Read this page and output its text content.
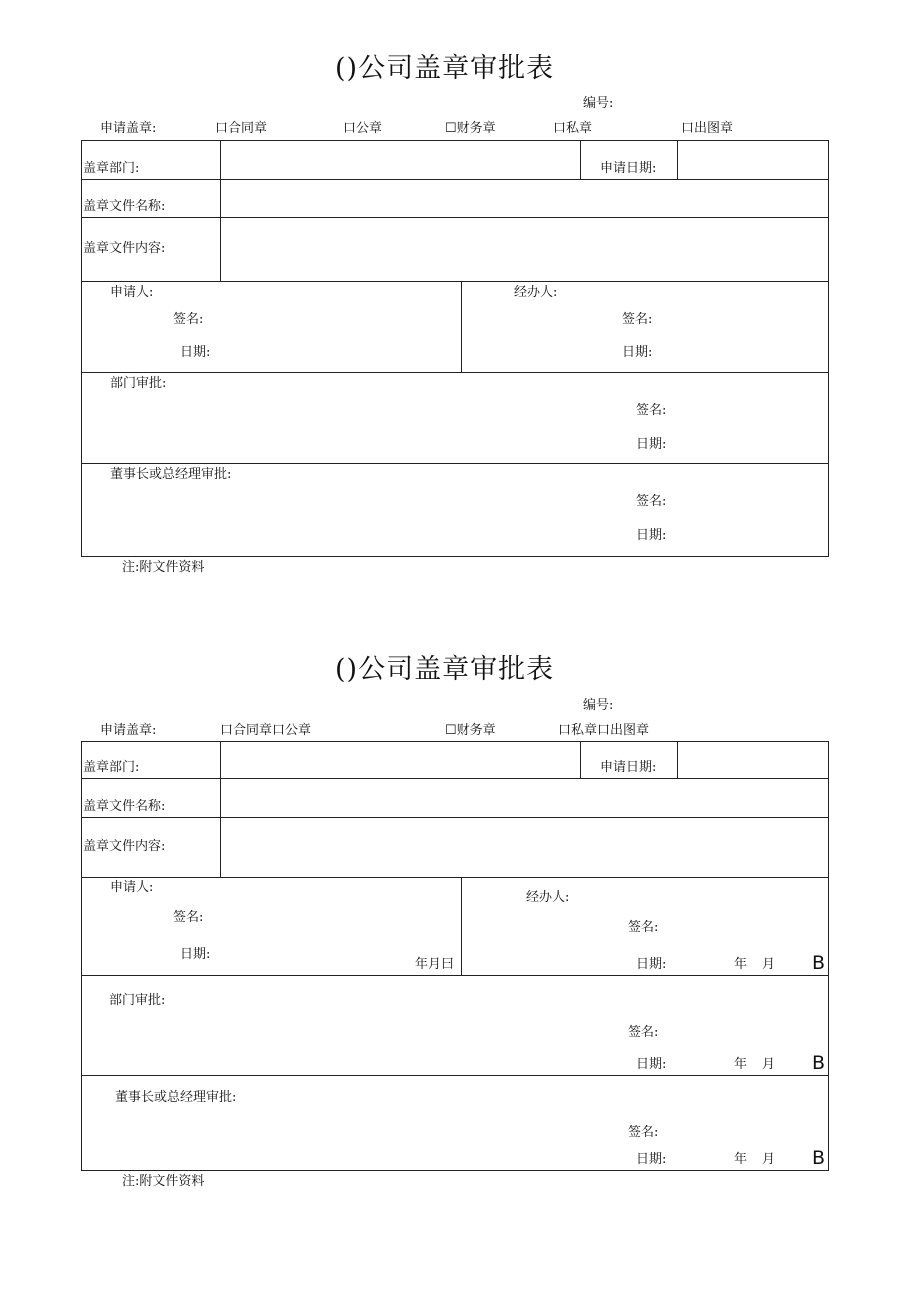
()公司盖章审批表
编号:
申请盖章:	口合同章	口公章	☐财务章	口私章	口出图章
盖章部门:	申请日期:
盖章文件名称:
盖章文件内容:
申请人:
签名:
日期:
经办人:
签名:
日期:
部门审批:
签名:
日期:
董事长或总经理审批:
签名:
日期:
注:附文件资料
()公司盖章审批表
编号:
申请盖章:	口合同章口公章	☐财务章	口私章口出图章
盖章部门:	申请日期:
盖章文件名称:
盖章文件内容:
申请人:
签名:
日期:
年月曰
经办人:
签名:
日期:	年 月 B
部门审批:
签名:
日期:	年 月 B
董事长或总经理审批:
签名:
日期:	年 月 B
注:附文件资料
